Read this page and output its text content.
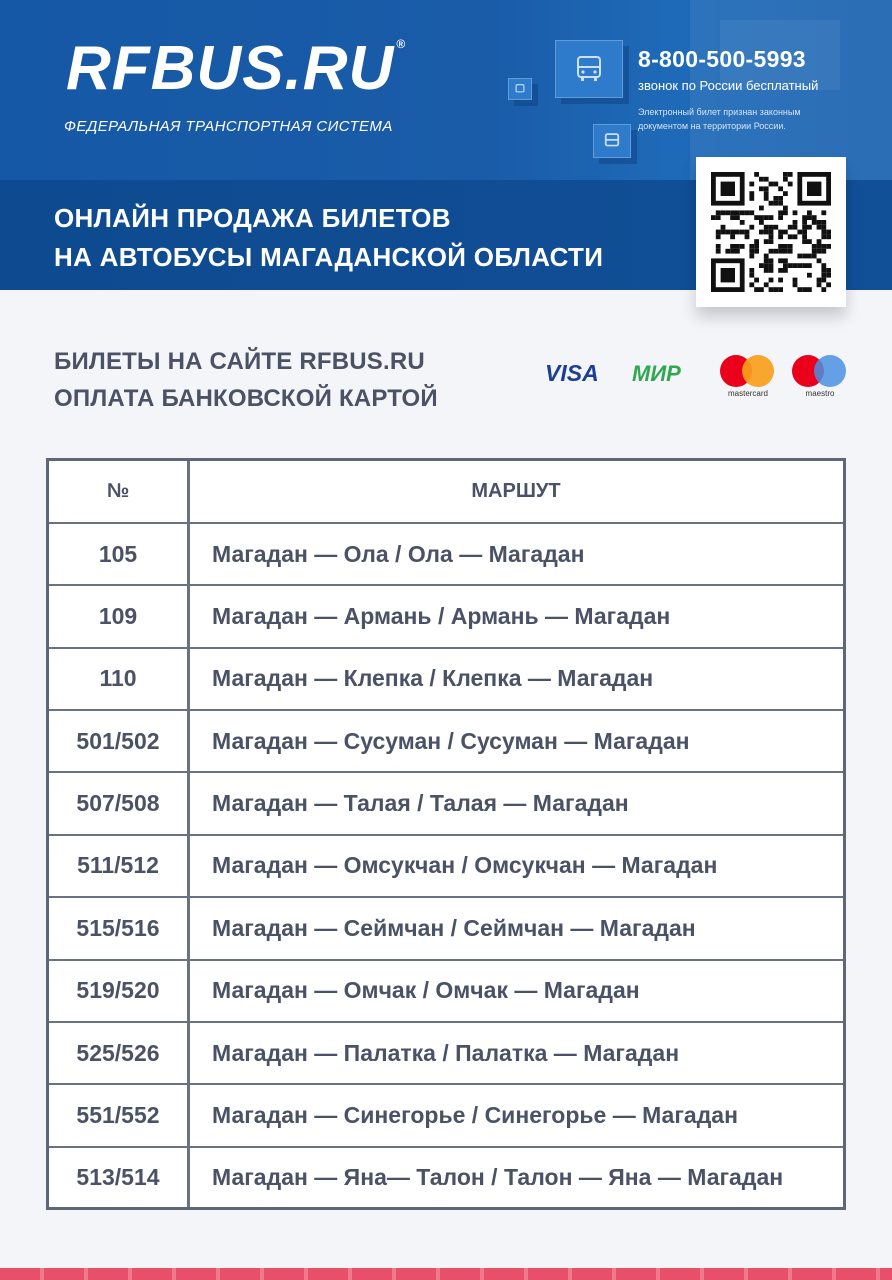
RFBUS.RU ®
ФЕДЕРАЛЬНАЯ ТРАНСПОРТНАЯ СИСТЕМА
8-800-500-5993
звонок по России бесплатный
Электронный билет признан законным документом на территории России.
ОНЛАЙН ПРОДАЖА БИЛЕТОВ
НА АВТОБУСЫ МАГАДАНСКОЙ ОБЛАСТИ
БИЛЕТЫ НА САЙТЕ RFBUS.RU
ОПЛАТА БАНКОВСКОЙ КАРТОЙ
VISA МИР
mastercard	maestro
№	МАРШУТ
105	Магадан — Ола / Ола — Магадан
109	Магадан — Армань / Армань — Магадан
110	Магадан — Клепка / Клепка — Магадан
501/502	Магадан — Сусуман / Сусуман — Магадан
507/508	Магадан — Талая / Талая — Магадан
511/512	Магадан — Омсукчан / Омсукчан — Магадан
515/516	Магадан — Сеймчан / Сеймчан — Магадан
519/520	Магадан — Омчак / Омчак — Магадан
525/526	Магадан — Палатка / Палатка — Магадан
551/552	Магадан — Синегорье / Синегорье — Магадан
513/514	Магадан — Яна— Талон / Талон — Яна — Магадан
